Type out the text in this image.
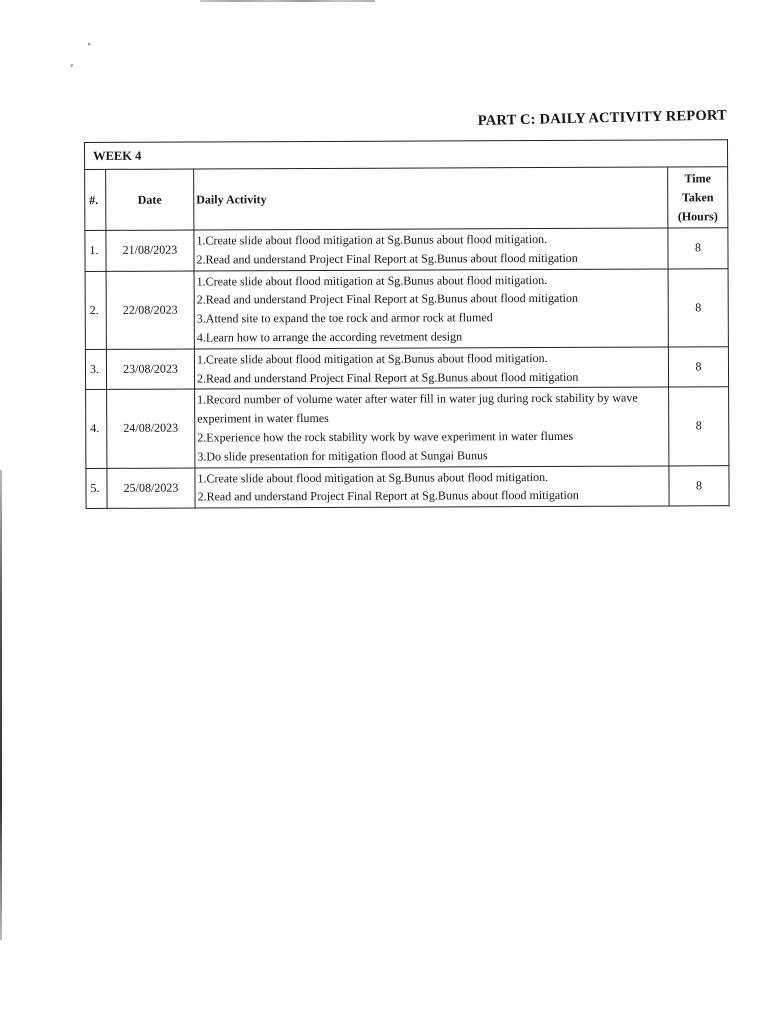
▸
▾
PART C: DAILY ACTIVITY REPORT
WEEK 4			
#.	Date	Daily Activity	Time
Taken
(Hours)

1.	21/08/2023	1.Create slide about flood mitigation at Sg.Bunus about flood mitigation.
2.Read and understand Project Final Report at Sg.Bunus about flood mitigation	8
2.	22/08/2023	1.Create slide about flood mitigation at Sg.Bunus about flood mitigation.
2.Read and understand Project Final Report at Sg.Bunus about flood mitigation
3.Attend site to expand the toe rock and armor rock at flumed
4.Learn how to arrange the according revetment design	8
3.	23/08/2023	1.Create slide about flood mitigation at Sg.Bunus about flood mitigation.
2.Read and understand Project Final Report at Sg.Bunus about flood mitigation	8
4.	24/08/2023	1.Record number of volume water after water fill in water jug during rock stability by wave experiment in water flumes
2.Experience how the rock stability work by wave experiment in water flumes
3.Do slide presentation for mitigation flood at Sungai Bunus	8
5.	25/08/2023	1.Create slide about flood mitigation at Sg.Bunus about flood mitigation.
2.Read and understand Project Final Report at Sg.Bunus about flood mitigation	8
